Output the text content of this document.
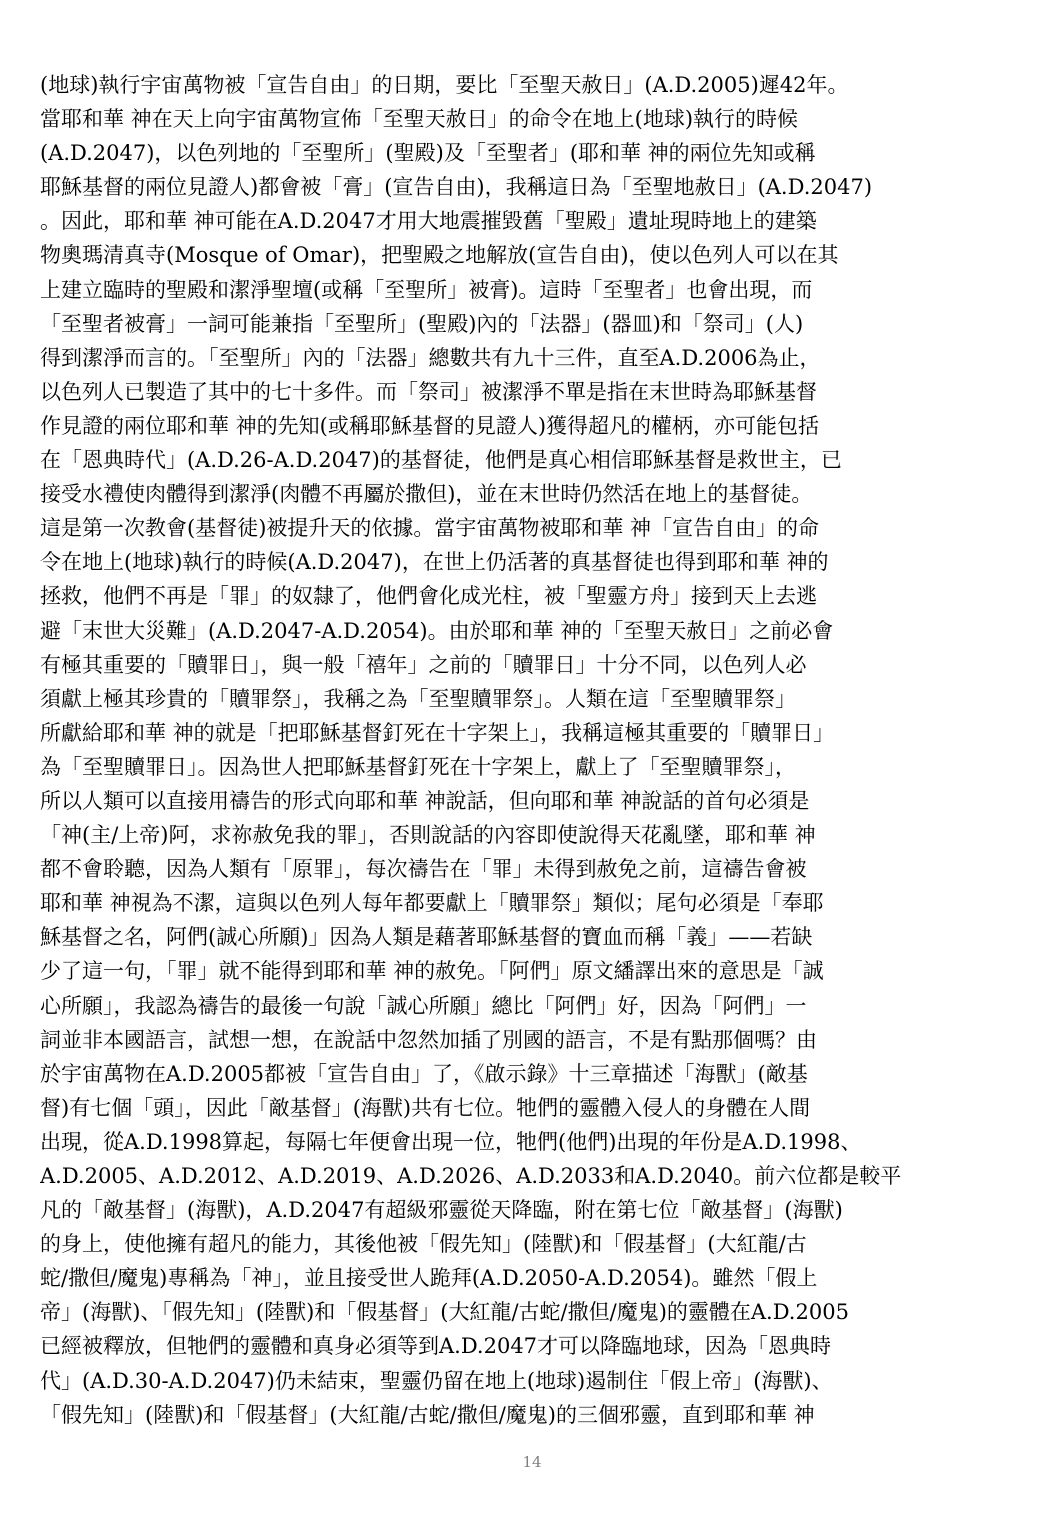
(地球)執行宇宙萬物被「宣告自由」的日期，要比「至聖天赦日」(A.D.2005)遲42年。
當耶和華 神在天上向宇宙萬物宣佈「至聖天赦日」的命令在地上(地球)執行的時候
(A.D.2047)，以色列地的「至聖所」(聖殿)及「至聖者」(耶和華 神的兩位先知或稱
耶穌基督的兩位見證人)都會被「膏」(宣告自由)，我稱這日為「至聖地赦日」(A.D.2047)
。因此，耶和華 神可能在A.D.2047才用大地震摧毀舊「聖殿」遺址現時地上的建築
物奧瑪清真寺(Mosque of Omar)，把聖殿之地解放(宣告自由)，使以色列人可以在其
上建立臨時的聖殿和潔淨聖壇(或稱「至聖所」被膏)。這時「至聖者」也會出現，而
「至聖者被膏」一詞可能兼指「至聖所」(聖殿)內的「法器」(器皿)和「祭司」(人)
得到潔淨而言的。「至聖所」內的「法器」總數共有九十三件，直至A.D.2006為止，
以色列人已製造了其中的七十多件。而「祭司」被潔淨不單是指在末世時為耶穌基督
作見證的兩位耶和華 神的先知(或稱耶穌基督的見證人)獲得超凡的權柄，亦可能包括
在「恩典時代」(A.D.26-A.D.2047)的基督徒，他們是真心相信耶穌基督是救世主，已
接受水禮使肉體得到潔淨(肉體不再屬於撒但)，並在末世時仍然活在地上的基督徒。
這是第一次教會(基督徒)被提升天的依據。當宇宙萬物被耶和華 神「宣告自由」的命
令在地上(地球)執行的時候(A.D.2047)，在世上仍活著的真基督徒也得到耶和華 神的
拯救，他們不再是「罪」的奴隸了，他們會化成光柱，被「聖靈方舟」接到天上去逃
避「末世大災難」(A.D.2047-A.D.2054)。由於耶和華 神的「至聖天赦日」之前必會
有極其重要的「贖罪日」，與一般「禧年」之前的「贖罪日」十分不同，以色列人必
須獻上極其珍貴的「贖罪祭」，我稱之為「至聖贖罪祭」。人類在這「至聖贖罪祭」
所獻給耶和華 神的就是「把耶穌基督釘死在十字架上」，我稱這極其重要的「贖罪日」
為「至聖贖罪日」。因為世人把耶穌基督釘死在十字架上，獻上了「至聖贖罪祭」，
所以人類可以直接用禱告的形式向耶和華 神說話，但向耶和華 神說話的首句必須是
「神(主/上帝)阿，求祢赦免我的罪」，否則說話的內容即使說得天花亂墜，耶和華 神
都不會聆聽，因為人類有「原罪」，每次禱告在「罪」未得到赦免之前，這禱告會被
耶和華 神視為不潔，這與以色列人每年都要獻上「贖罪祭」類似；尾句必須是「奉耶
穌基督之名，阿們(誠心所願)」因為人類是藉著耶穌基督的寶血而稱「義」——若缺
少了這一句，「罪」就不能得到耶和華 神的赦免。「阿們」原文繙譯出來的意思是「誠
心所願」，我認為禱告的最後一句說「誠心所願」總比「阿們」好，因為「阿們」一
詞並非本國語言，試想一想，在說話中忽然加插了別國的語言，不是有點那個嗎？由
於宇宙萬物在A.D.2005都被「宣告自由」了，《啟示錄》十三章描述「海獸」(敵基
督)有七個「頭」，因此「敵基督」(海獸)共有七位。牠們的靈體入侵人的身體在人間
出現，從A.D.1998算起，每隔七年便會出現一位，牠們(他們)出現的年份是A.D.1998、
A.D.2005、A.D.2012、A.D.2019、A.D.2026、A.D.2033和A.D.2040。前六位都是較平
凡的「敵基督」(海獸)，A.D.2047有超級邪靈從天降臨，附在第七位「敵基督」(海獸)
的身上，使他擁有超凡的能力，其後他被「假先知」(陸獸)和「假基督」(大紅龍/古
蛇/撒但/魔鬼)專稱為「神」，並且接受世人跪拜(A.D.2050-A.D.2054)。雖然「假上
帝」(海獸)、「假先知」(陸獸)和「假基督」(大紅龍/古蛇/撒但/魔鬼)的靈體在A.D.2005
已經被釋放，但牠們的靈體和真身必須等到A.D.2047才可以降臨地球，因為「恩典時
代」(A.D.30-A.D.2047)仍未結束，聖靈仍留在地上(地球)遏制住「假上帝」(海獸)、
「假先知」(陸獸)和「假基督」(大紅龍/古蛇/撒但/魔鬼)的三個邪靈，直到耶和華 神
14
